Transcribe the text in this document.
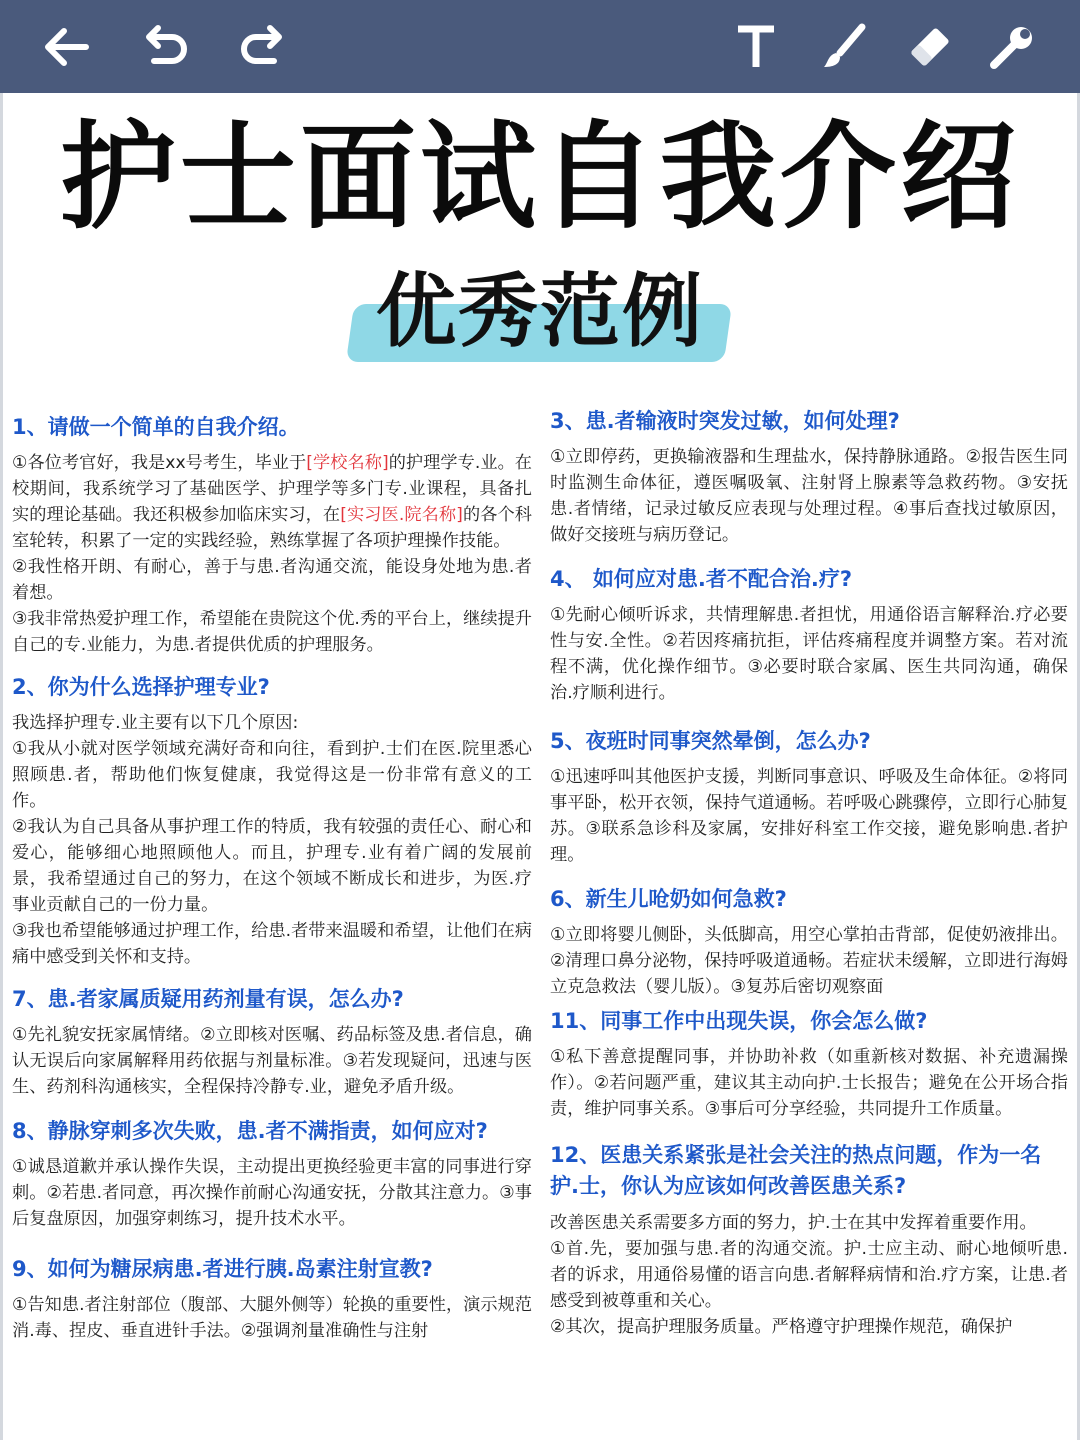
护士面试自我介绍
优秀范例
1、请做一个简单的自我介绍。
①各位考官好，我是xx号考生，毕业于[学校名称]的护理学专.业。在校期间，我系统学习了基础医学、护理学等多门专.业课程，具备扎实的理论基础。我还积极参加临床实习，在[实习医.院名称]的各个科室轮转，积累了一定的实践经验，熟练掌握了各项护理操作技能。
②我性格开朗、有耐心，善于与患.者沟通交流，能设身处地为患.者着想。
③我非常热爱护理工作，希望能在贵院这个优.秀的平台上，继续提升自己的专.业能力，为患.者提供优质的护理服务。
2、你为什么选择护理专业?
我选择护理专.业主要有以下几个原因:
①我从小就对医学领域充满好奇和向往，看到护.士们在医.院里悉心照顾患.者，帮助他们恢复健康，我觉得这是一份非常有意义的工作。
②我认为自己具备从事护理工作的特质，我有较强的责任心、耐心和爱心，能够细心地照顾他人。而且，护理专.业有着广阔的发展前景，我希望通过自己的努力，在这个领域不断成长和进步，为医.疗事业贡献自己的一份力量。
③我也希望能够通过护理工作，给患.者带来温暖和希望，让他们在病痛中感受到关怀和支持。
7、患.者家属质疑用药剂量有误，怎么办?
①先礼貌安抚家属情绪。②立即核对医嘱、药品标签及患.者信息，确认无误后向家属解释用药依据与剂量标准。③若发现疑问，迅速与医生、药剂科沟通核实，全程保持冷静专.业，避免矛盾升级。
8、静脉穿刺多次失败，患.者不满指责，如何应对?
①诚恳道歉并承认操作失误，主动提出更换经验更丰富的同事进行穿刺。②若患.者同意，再次操作前耐心沟通安抚，分散其注意力。③事后复盘原因，加强穿刺练习，提升技术水平。
9、如何为糖尿病患.者进行胰.岛素注射宣教?
①告知患.者注射部位（腹部、大腿外侧等）轮换的重要性，演示规范消.毒、捏皮、垂直进针手法。②强调剂量准确性与注射
3、患.者输液时突发过敏，如何处理?
①立即停药，更换输液器和生理盐水，保持静脉通路。②报告医生同时监测生命体征，遵医嘱吸氧、注射肾上腺素等急救药物。③安抚患.者情绪，记录过敏反应表现与处理过程。④事后查找过敏原因，做好交接班与病历登记。
4、 如何应对患.者不配合治.疗?
①先耐心倾听诉求，共情理解患.者担忧，用通俗语言解释治.疗必要性与安.全性。②若因疼痛抗拒，评估疼痛程度并调整方案。若对流程不满，优化操作细节。③必要时联合家属、医生共同沟通，确保治.疗顺利进行。
5、夜班时同事突然晕倒，怎么办?
①迅速呼叫其他医护支援，判断同事意识、呼吸及生命体征。②将同事平卧，松开衣领，保持气道通畅。若呼吸心跳骤停，立即行心肺复苏。③联系急诊科及家属，安排好科室工作交接，避免影响患.者护理。
6、新生儿呛奶如何急救?
①立即将婴儿侧卧，头低脚高，用空心掌拍击背部，促使奶液排出。②清理口鼻分泌物，保持呼吸道通畅。若症状未缓解，立即进行海姆立克急救法（婴儿版）。③复苏后密切观察面
11、同事工作中出现失误，你会怎么做?
①私下善意提醒同事，并协助补救（如重新核对数据、补充遗漏操作）。②若问题严重，建议其主动向护.士长报告；避免在公开场合指责，维护同事关系。③事后可分享经验，共同提升工作质量。
12、医患关系紧张是社会关注的热点问题，作为一名护.士，你认为应该如何改善医患关系?
改善医患关系需要多方面的努力，护.士在其中发挥着重要作用。
①首.先，要加强与患.者的沟通交流。护.士应主动、耐心地倾听患.者的诉求，用通俗易懂的语言向患.者解释病情和治.疗方案，让患.者感受到被尊重和关心。
②其次，提高护理服务质量。严格遵守护理操作规范，确保护
